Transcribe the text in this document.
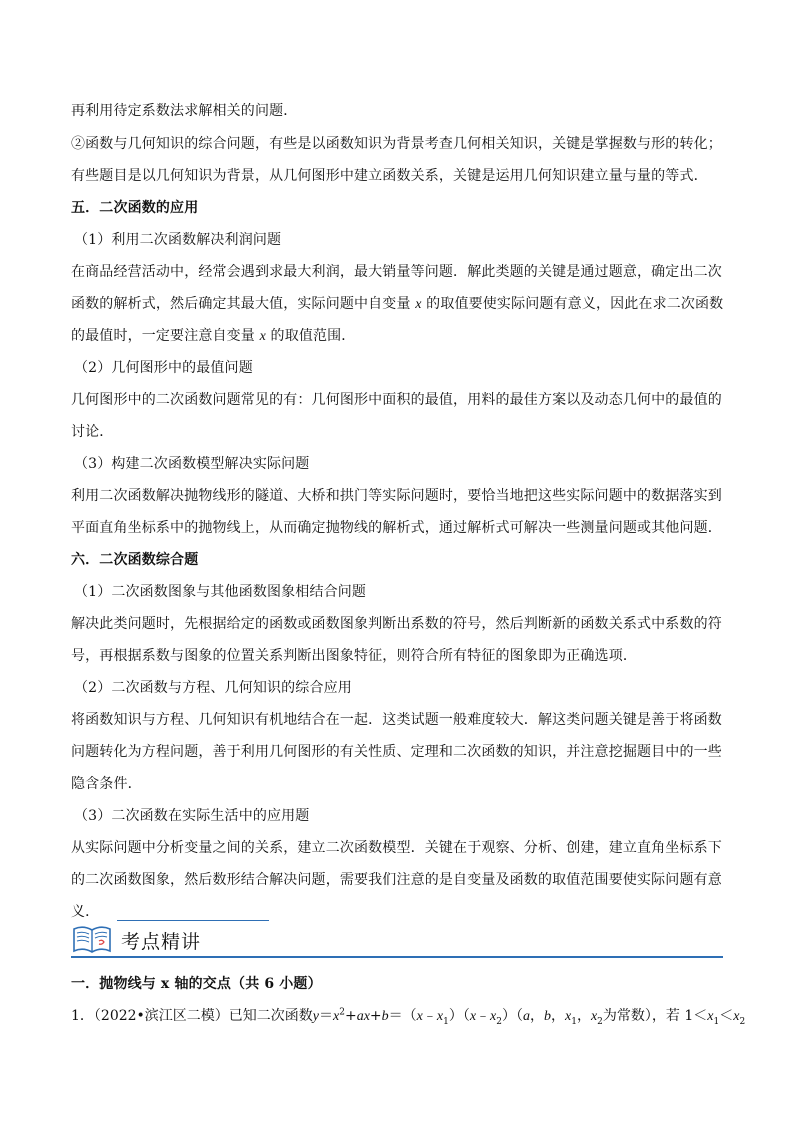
再利用待定系数法求解相关的问题．
②函数与几何知识的综合问题，有些是以函数知识为背景考查几何相关知识，关键是掌握数与形的转化；
有些题目是以几何知识为背景，从几何图形中建立函数关系，关键是运用几何知识建立量与量的等式．
五．二次函数的应用
（1）利用二次函数解决利润问题
在商品经营活动中，经常会遇到求最大利润，最大销量等问题．解此类题的关键是通过题意，确定出二次
函数的解析式，然后确定其最大值，实际问题中自变量 x 的取值要使实际问题有意义，因此在求二次函数
的最值时，一定要注意自变量 x 的取值范围．
（2）几何图形中的最值问题
几何图形中的二次函数问题常见的有：几何图形中面积的最值，用料的最佳方案以及动态几何中的最值的
讨论．
（3）构建二次函数模型解决实际问题
利用二次函数解决抛物线形的隧道、大桥和拱门等实际问题时，要恰当地把这些实际问题中的数据落实到
平面直角坐标系中的抛物线上，从而确定抛物线的解析式，通过解析式可解决一些测量问题或其他问题．
六．二次函数综合题
（1）二次函数图象与其他函数图象相结合问题
解决此类问题时，先根据给定的函数或函数图象判断出系数的符号，然后判断新的函数关系式中系数的符
号，再根据系数与图象的位置关系判断出图象特征，则符合所有特征的图象即为正确选项．
（2）二次函数与方程、几何知识的综合应用
将函数知识与方程、几何知识有机地结合在一起．这类试题一般难度较大．解这类问题关键是善于将函数
问题转化为方程问题，善于利用几何图形的有关性质、定理和二次函数的知识，并注意挖掘题目中的一些
隐含条件．
（3）二次函数在实际生活中的应用题
从实际问题中分析变量之间的关系，建立二次函数模型．关键在于观察、分析、创建，建立直角坐标系下
的二次函数图象，然后数形结合解决问题，需要我们注意的是自变量及函数的取值范围要使实际问题有意
义．
考点精讲
一．抛物线与 x 轴的交点（共 6 小题）
1．（2022•滨江区二模）已知二次函数$y=x^2+ax+b=(x﹣x_1)(x﹣x_2)(a$，b，$x_1$，$x_2$为常数），若 $1<x_1<x_2$
